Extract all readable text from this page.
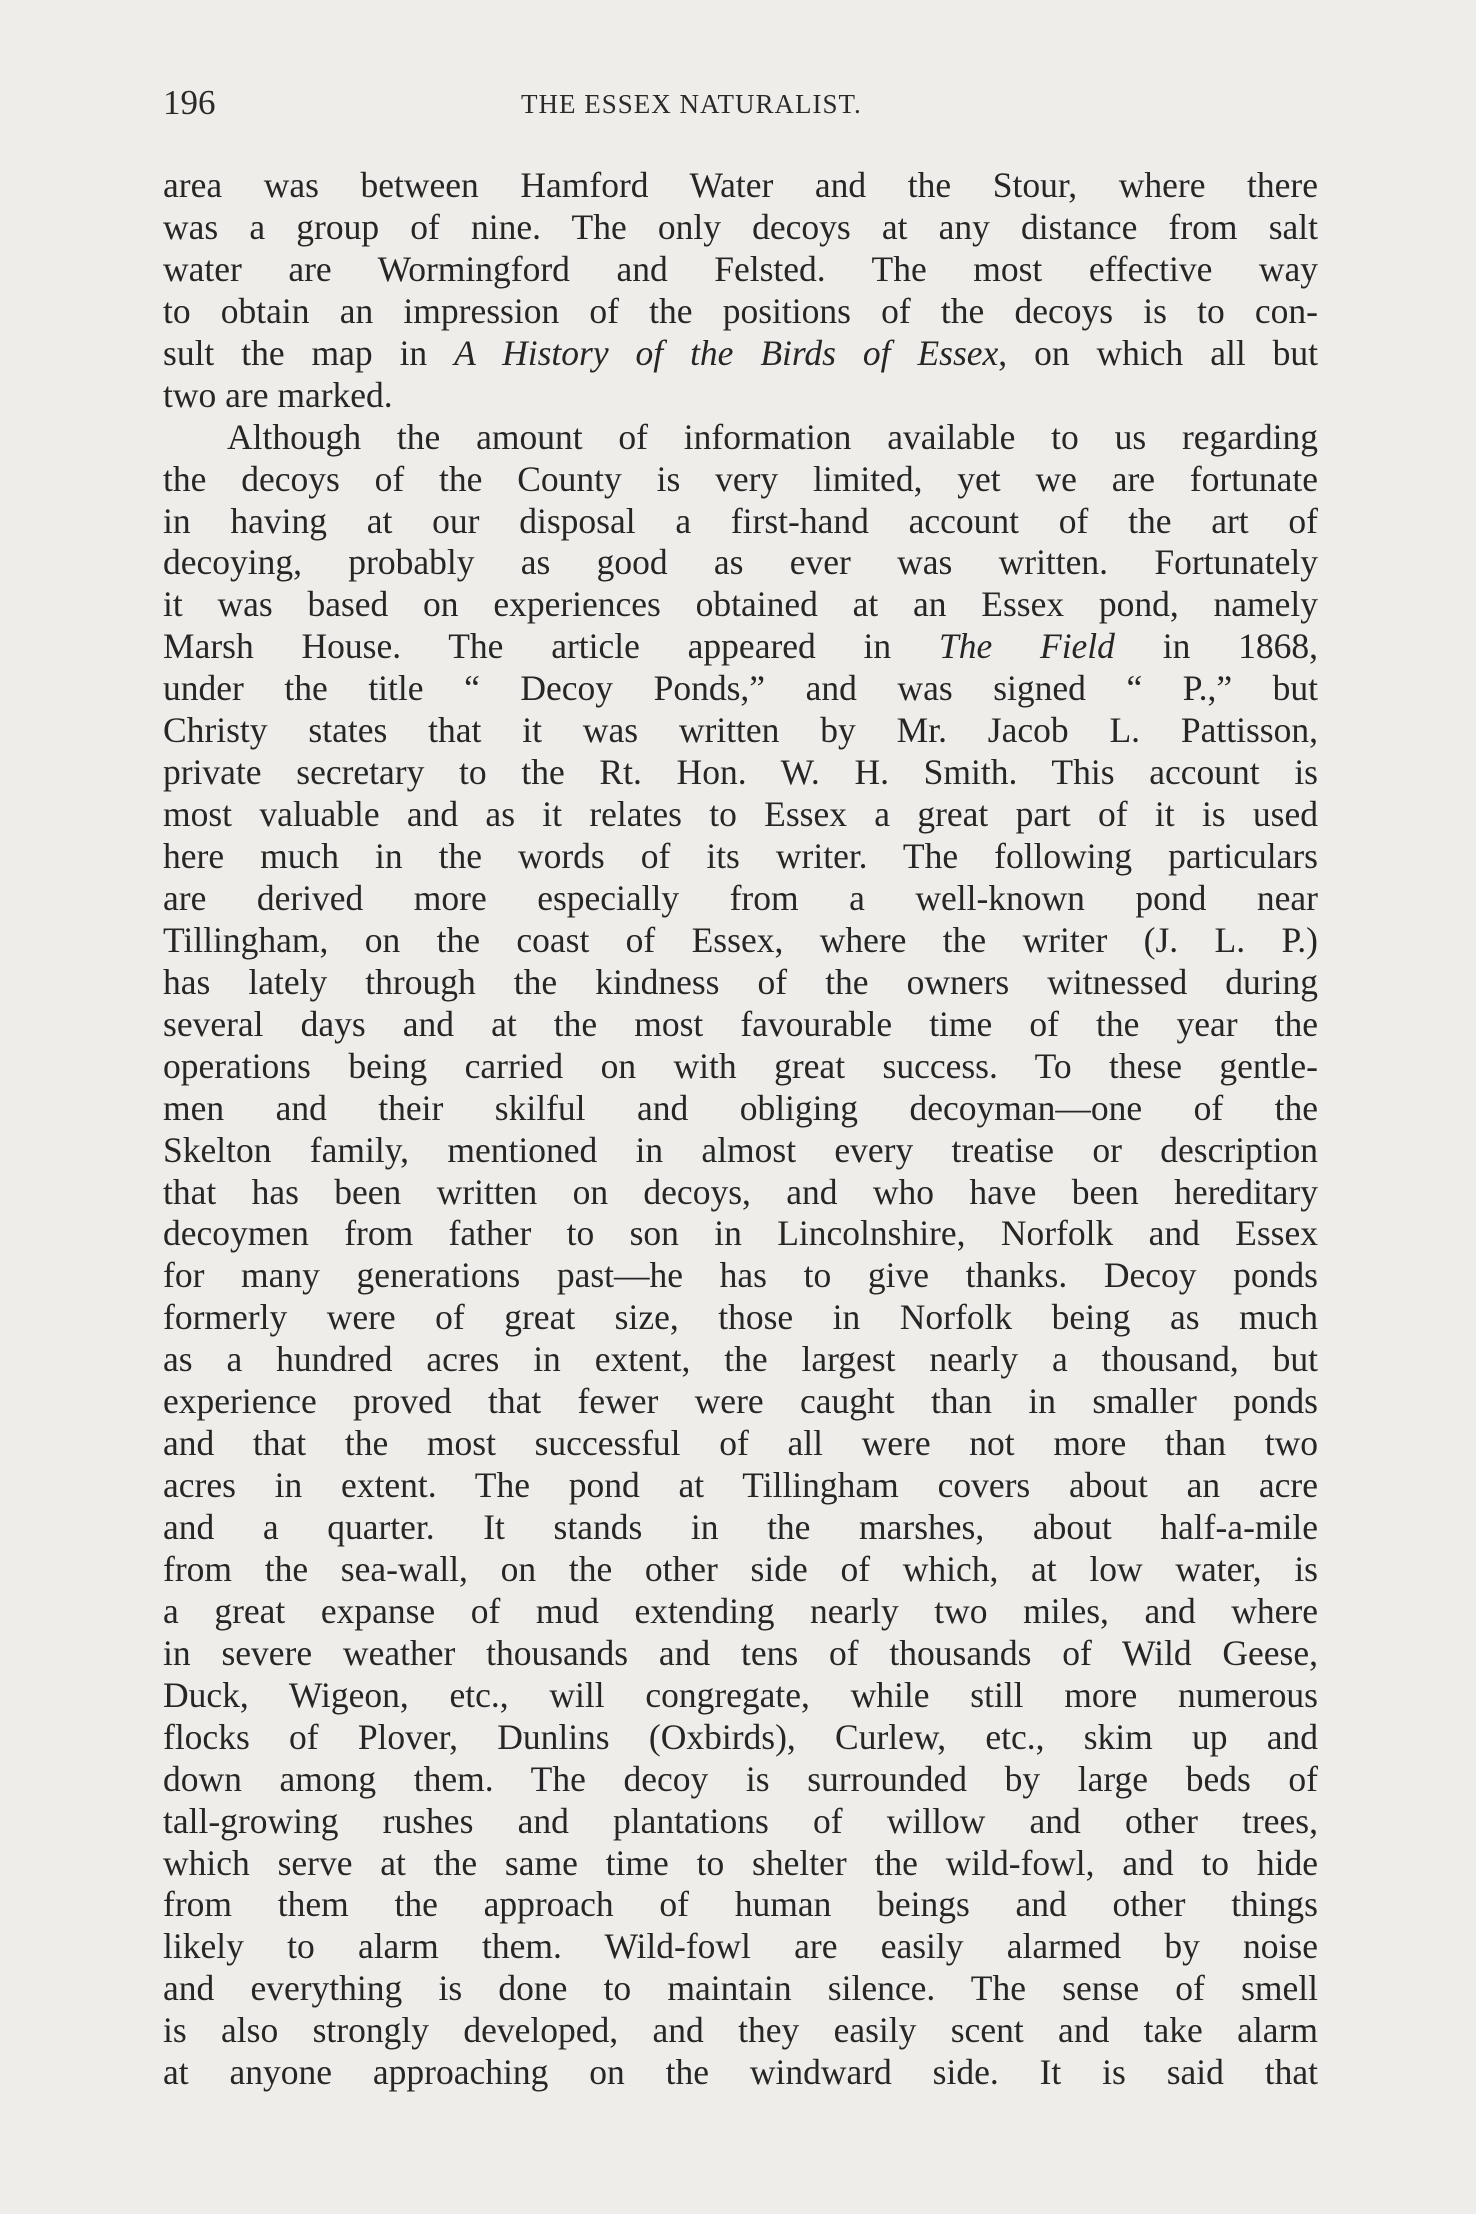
196	THE ESSEX NATURALIST.

area was between Hamford Water and the Stour, where there
was a group of nine. The only decoys at any distance from salt
water are Wormingford and Felsted. The most effective way
to obtain an impression of the positions of the decoys is to con-
sult the map in A History of the Birds of Essex, on which all but
two are marked.

Although the amount of information available to us regarding
the decoys of the County is very limited, yet we are fortunate
in having at our disposal a first-hand account of the art of
decoying, probably as good as ever was written. Fortunately
it was based on experiences obtained at an Essex pond, namely
Marsh House. The article appeared in The Field in 1868,
under the title “ Decoy Ponds,” and was signed “ P.,” but
Christy states that it was written by Mr. Jacob L. Pattisson,
private secretary to the Rt. Hon. W. H. Smith. This account is
most valuable and as it relates to Essex a great part of it is used
here much in the words of its writer. The following particulars
are derived more especially from a well-known pond near
Tillingham, on the coast of Essex, where the writer (J. L. P.)
has lately through the kindness of the owners witnessed during
several days and at the most favourable time of the year the
operations being carried on with great success. To these gentle-
men and their skilful and obliging decoyman—one of the
Skelton family, mentioned in almost every treatise or description
that has been written on decoys, and who have been hereditary
decoymen from father to son in Lincolnshire, Norfolk and Essex
for many generations past—he has to give thanks. Decoy ponds
formerly were of great size, those in Norfolk being as much
as a hundred acres in extent, the largest nearly a thousand, but
experience proved that fewer were caught than in smaller ponds
and that the most successful of all were not more than two
acres in extent. The pond at Tillingham covers about an acre
and a quarter. It stands in the marshes, about half-a-mile
from the sea-wall, on the other side of which, at low water, is
a great expanse of mud extending nearly two miles, and where
in severe weather thousands and tens of thousands of Wild Geese,
Duck, Wigeon, etc., will congregate, while still more numerous
flocks of Plover, Dunlins (Oxbirds), Curlew, etc., skim up and
down among them. The decoy is surrounded by large beds of
tall-growing rushes and plantations of willow and other trees,
which serve at the same time to shelter the wild-fowl, and to hide
from them the approach of human beings and other things
likely to alarm them. Wild-fowl are easily alarmed by noise
and everything is done to maintain silence. The sense of smell
is also strongly developed, and they easily scent and take alarm
at anyone approaching on the windward side. It is said that
